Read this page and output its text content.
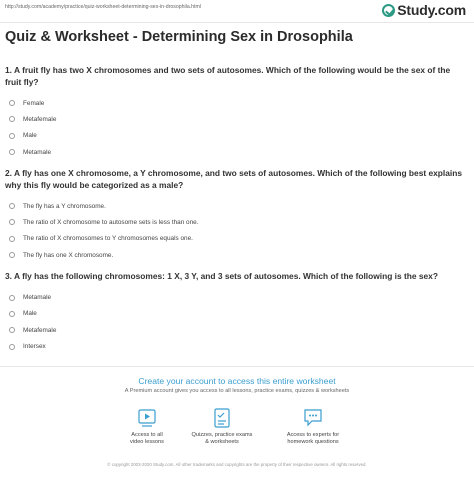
http://study.com/academy/practice/quiz-worksheet-determining-sex-in-drosophila.html	Study.com
Quiz & Worksheet - Determining Sex in Drosophila
1. A fruit fly has two X chromosomes and two sets of autosomes. Which of the following would be the sex of the
fruit fly?
Female
Metafemale
Male
Metamale
2. A fly has one X chromosome, a Y chromosome, and two sets of autosomes. Which of the following best explains
why this fly would be categorized as a male?
The fly has a Y chromosome.
The ratio of X chromosome to autosome sets is less than one.
The ratio of X chromosomes to Y chromosomes equals one.
The fly has one X chromosome.
3. A fly has the following chromosomes: 1 X, 3 Y, and 3 sets of autosomes. Which of the following is the sex?
Metamale
Male
Metafemale
Intersex
Create your account to access this entire worksheet
A Premium account gives you access to all lessons, practice exams, quizzes & worksheets
Access to all
video lessons
Quizzes, practice exams
& worksheets
Access to experts for
homework questions
© copyright 2003-2020 Study.com. All other trademarks and copyrights are the property of their respective owners. All rights reserved.
